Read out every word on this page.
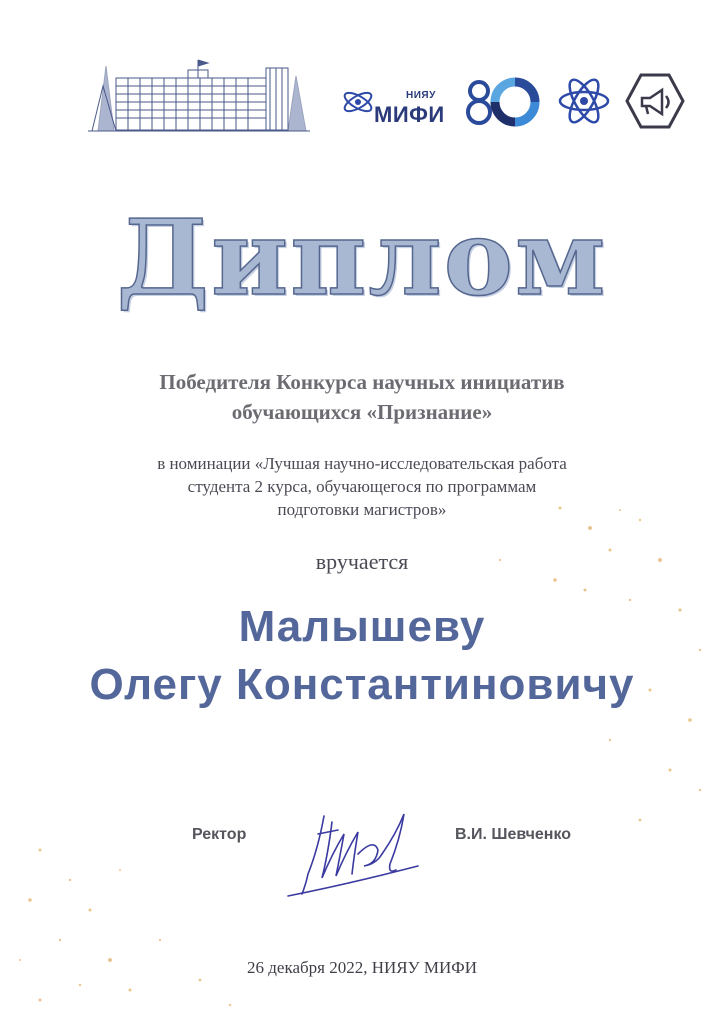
НИЯУ
МИФИ
Диплом
Победителя Конкурса научных инициатив
обучающихся «Признание»
в номинации «Лучшая научно-исследовательская работа
студента 2 курса, обучающегося по программам
подготовки магистров»
вручается
Малышеву
Олегу Константиновичу
Ректор	В.И. Шевченко
26 декабря 2022, НИЯУ МИФИ
